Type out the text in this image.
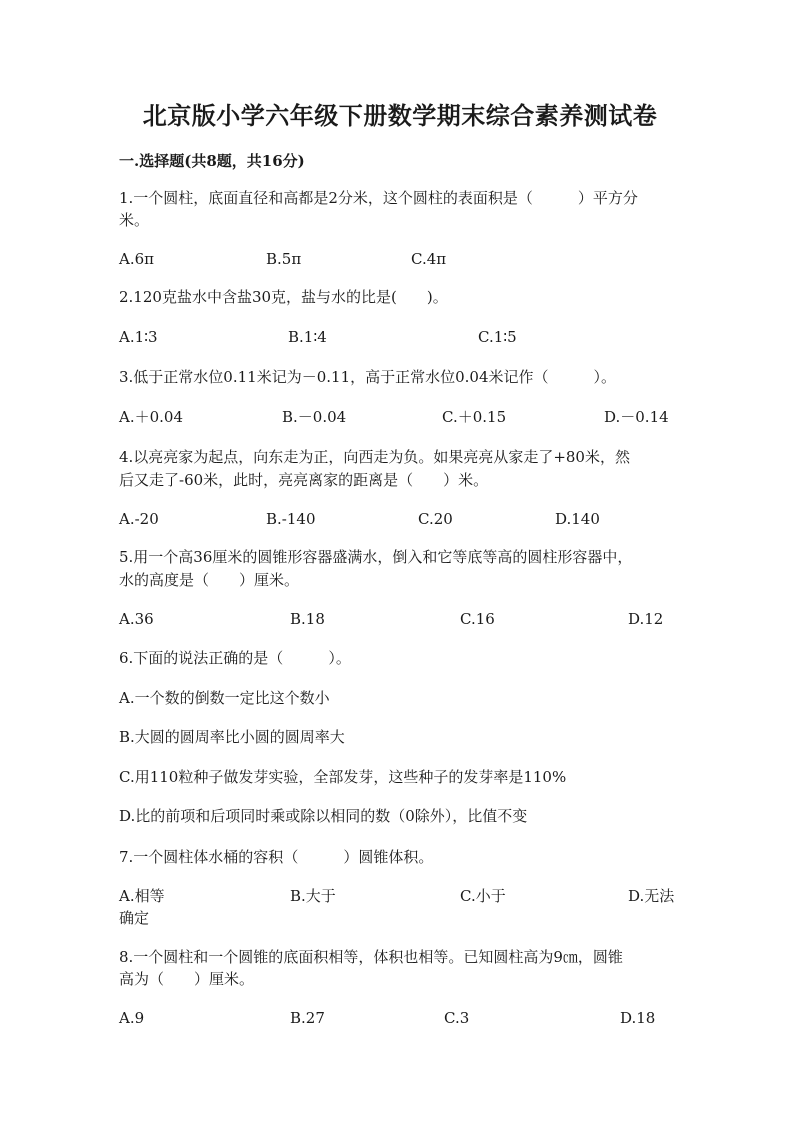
北京版小学六年级下册数学期末综合素养测试卷
一.选择题(共8题，共16分)
1.一个圆柱，底面直径和高都是2分米，这个圆柱的表面积是（　　　）平方分
米。
A.6π	B.5π	C.4π
2.120克盐水中含盐30克，盐与水的比是(　　)。
A.1∶3	B.1∶4	C.1∶5
3.低于正常水位0.11米记为－0.11，高于正常水位0.04米记作（　　　）。
A.＋0.04	B.－0.04	C.＋0.15	D.－0.14
4.以亮亮家为起点，向东走为正，向西走为负。如果亮亮从家走了+80米，然
后又走了-60米，此时，亮亮离家的距离是（　　）米。
A.-20	B.-140	C.20	D.140
5.用一个高36厘米的圆锥形容器盛满水，倒入和它等底等高的圆柱形容器中，
水的高度是（　　）厘米。
A.36	B.18	C.16	D.12
6.下面的说法正确的是（　　　）。
A.一个数的倒数一定比这个数小
B.大圆的圆周率比小圆的圆周率大
C.用110粒种子做发芽实验，全部发芽，这些种子的发芽率是110%
D.比的前项和后项同时乘或除以相同的数（0除外），比值不变
7.一个圆柱体水桶的容积（　　　）圆锥体积。
A.相等	B.大于	C.小于	D.无法
确定
8.一个圆柱和一个圆锥的底面积相等，体积也相等。已知圆柱高为9㎝，圆锥
高为（　　）厘米。
A.9	B.27	C.3	D.18
